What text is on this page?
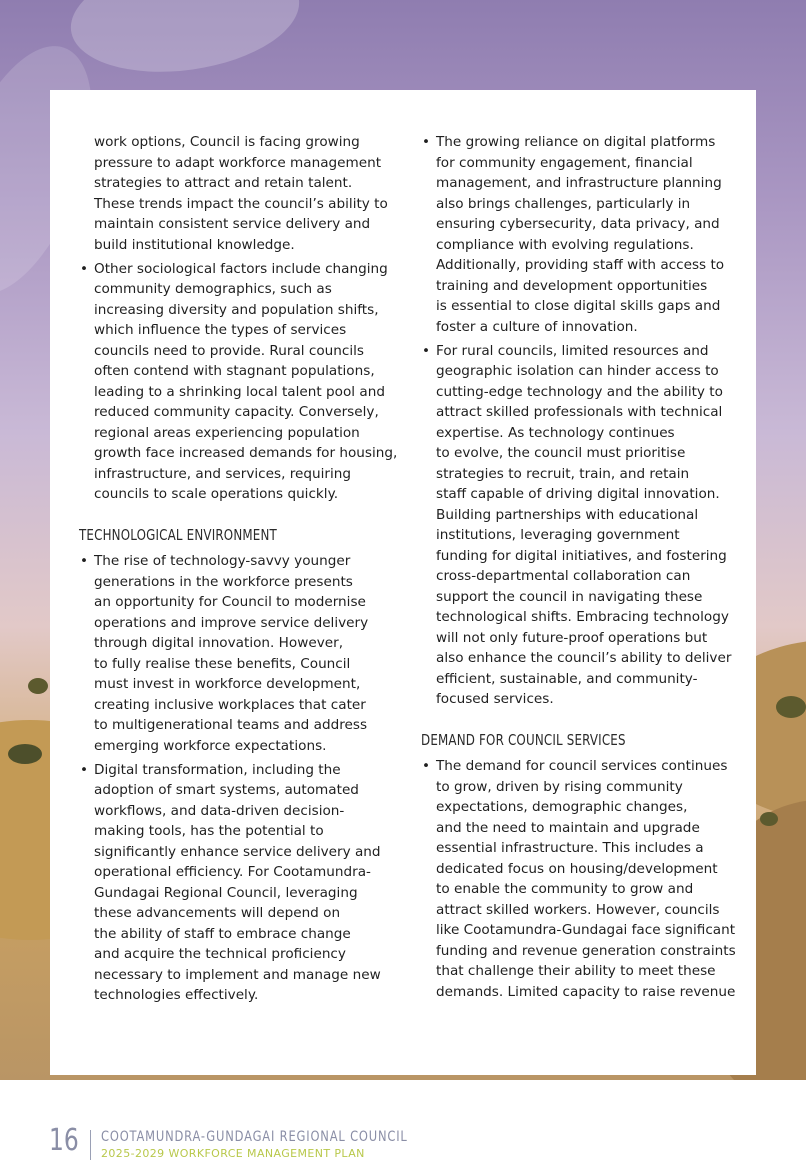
work options, Council is facing growing
pressure to adapt workforce management
strategies to attract and retain talent.
These trends impact the council’s ability to
maintain consistent service delivery and
build institutional knowledge.
• Other sociological factors include changing
community demographics, such as
increasing diversity and population shifts,
which influence the types of services
councils need to provide. Rural councils
often contend with stagnant populations,
leading to a shrinking local talent pool and
reduced community capacity. Conversely,
regional areas experiencing population
growth face increased demands for housing,
infrastructure, and services, requiring
councils to scale operations quickly.
TECHNOLOGICAL ENVIRONMENT
• The rise of technology-savvy younger
generations in the workforce presents
an opportunity for Council to modernise
operations and improve service delivery
through digital innovation. However,
to fully realise these benefits, Council
must invest in workforce development,
creating inclusive workplaces that cater
to multigenerational teams and address
emerging workforce expectations.
• Digital transformation, including the
adoption of smart systems, automated
workflows, and data-driven decision-
making tools, has the potential to
significantly enhance service delivery and
operational efficiency. For Cootamundra-
Gundagai Regional Council, leveraging
these advancements will depend on
the ability of staff to embrace change
and acquire the technical proficiency
necessary to implement and manage new
technologies effectively.
• The growing reliance on digital platforms
for community engagement, financial
management, and infrastructure planning
also brings challenges, particularly in
ensuring cybersecurity, data privacy, and
compliance with evolving regulations.
Additionally, providing staff with access to
training and development opportunities
is essential to close digital skills gaps and
foster a culture of innovation.
• For rural councils, limited resources and
geographic isolation can hinder access to
cutting-edge technology and the ability to
attract skilled professionals with technical
expertise. As technology continues
to evolve, the council must prioritise
strategies to recruit, train, and retain
staff capable of driving digital innovation.
Building partnerships with educational
institutions, leveraging government
funding for digital initiatives, and fostering
cross-departmental collaboration can
support the council in navigating these
technological shifts. Embracing technology
will not only future-proof operations but
also enhance the council’s ability to deliver
efficient, sustainable, and community-
focused services.
DEMAND FOR COUNCIL SERVICES
• The demand for council services continues
to grow, driven by rising community
expectations, demographic changes,
and the need to maintain and upgrade
essential infrastructure. This includes a
dedicated focus on housing/development
to enable the community to grow and
attract skilled workers. However, councils
like Cootamundra-Gundagai face significant
funding and revenue generation constraints
that challenge their ability to meet these
demands. Limited capacity to raise revenue
16 COOTAMUNDRA-GUNDAGAI REGIONAL COUNCIL
2025-2029 WORKFORCE MANAGEMENT PLAN
